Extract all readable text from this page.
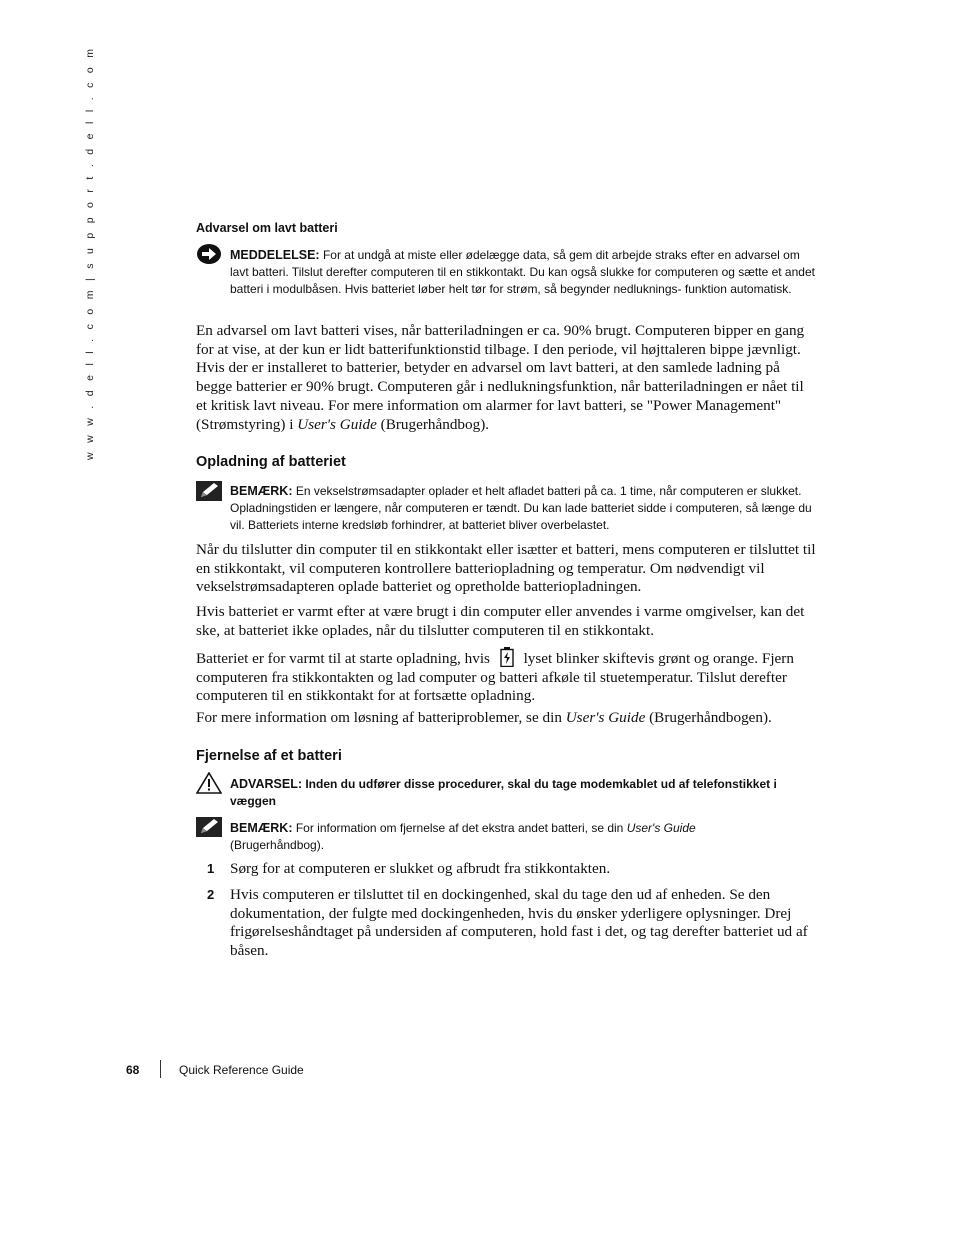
w w w . d e l l . c o m | s u p p o r t . d e l l . c o m	Advarsel om lavt batteri
MEDDELELSE: For at undgå at miste eller ødelægge data, så gem dit arbejde straks efter en advarsel om lavt batteri. Tilslut derefter computeren til en stikkontakt. Du kan også slukke for computeren og sætte et andet batteri i modulbåsen. Hvis batteriet løber helt tør for strøm, så begynder nedluknings- funktion automatisk.
En advarsel om lavt batteri vises, når batteriladningen er ca. 90% brugt. Computeren bipper en gang for at vise, at der kun er lidt batterifunktionstid tilbage. I den periode, vil højttaleren bippe jævnligt. Hvis der er installeret to batterier, betyder en advarsel om lavt batteri, at den samlede ladning på begge batterier er 90% brugt. Computeren går i nedlukningsfunktion, når batteriladningen er nået til et kritisk lavt niveau. For mere information om alarmer for lavt batteri, se "Power Management" (Strømstyring) i User's Guide (Brugerhåndbog).
Opladning af batteriet
BEMÆRK: En vekselstrømsadapter oplader et helt afladet batteri på ca. 1 time, når computeren er slukket. Opladningstiden er længere, når computeren er tændt. Du kan lade batteriet sidde i computeren, så længe du vil. Batteriets interne kredsløb forhindrer, at batteriet bliver overbelastet.
Når du tilslutter din computer til en stikkontakt eller isætter et batteri, mens computeren er tilsluttet til en stikkontakt, vil computeren kontrollere batteriopladning og temperatur. Om nødvendigt vil vekselstrømsadapteren oplade batteriet og opretholde batteriopladningen.
Hvis batteriet er varmt efter at være brugt i din computer eller anvendes i varme omgivelser, kan det ske, at batteriet ikke oplades, når du tilslutter computeren til en stikkontakt.
Batteriet er for varmt til at starte opladning, hvis lyset blinker skiftevis grønt og orange. Fjern computeren fra stikkontakten og lad computer og batteri afkøle til stuetemperatur. Tilslut derefter computeren til en stikkontakt for at fortsætte opladning.
For mere information om løsning af batteriproblemer, se din User's Guide (Brugerhåndbogen).
Fjernelse af et batteri
ADVARSEL: Inden du udfører disse procedurer, skal du tage modemkablet ud af telefonstikket i væggen
BEMÆRK: For information om fjernelse af det ekstra andet batteri, se din User's Guide
(Brugerhåndbog).
1 Sørg for at computeren er slukket og afbrudt fra stikkontakten.
2 Hvis computeren er tilsluttet til en dockingenhed, skal du tage den ud af enheden. Se den dokumentation, der fulgte med dockingenheden, hvis du ønsker yderligere oplysninger. Drej frigørelseshåndtaget på undersiden af computeren, hold fast i det, og tag derefter batteriet ud af båsen.
68	Quick Reference Guide
